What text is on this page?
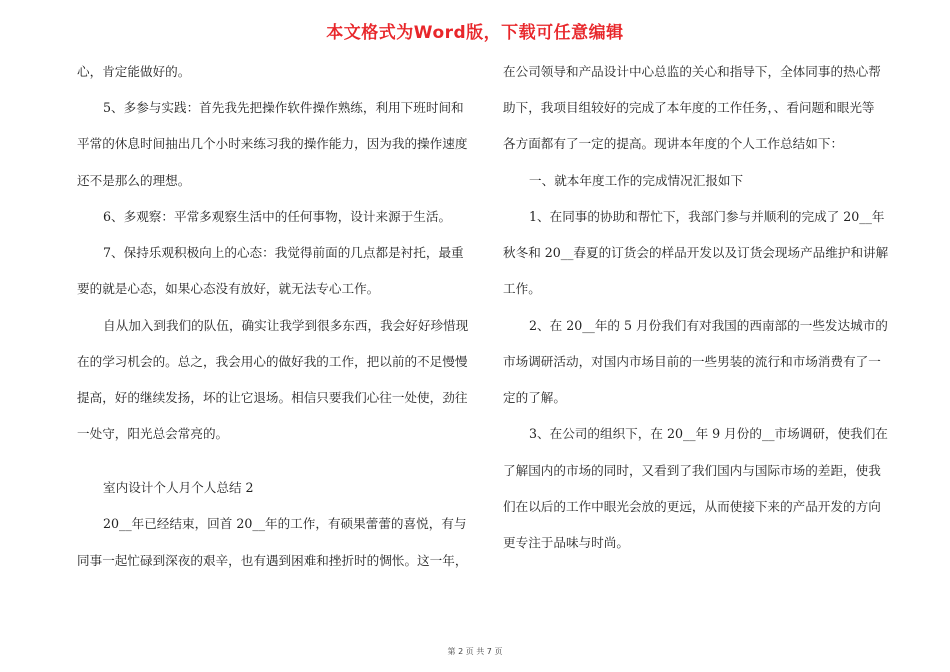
本文格式为Word版，下载可任意编辑
心，肯定能做好的。
5、多参与实践：首先我先把操作软件操作熟练，利用下班时间和
平常的休息时间抽出几个小时来练习我的操作能力，因为我的操作速度
还不是那么的理想。
6、多观察：平常多观察生活中的任何事物，设计来源于生活。
7、保持乐观积极向上的心态：我觉得前面的几点都是衬托，最重
要的就是心态，如果心态没有放好，就无法专心工作。
自从加入到我们的队伍，确实让我学到很多东西，我会好好珍惜现
在的学习机会的。总之，我会用心的做好我的工作，把以前的不足慢慢
提高，好的继续发扬，坏的让它退场。相信只要我们心往一处使，劲往
一处守，阳光总会常亮的。
室内设计个人月个人总结 2
20__年已经结束，回首 20__年的工作，有硕果蕾蕾的喜悦，有与
同事一起忙碌到深夜的艰辛，也有遇到困难和挫折时的惆怅。这一年，
在公司领导和产品设计中心总监的关心和指导下，全体同事的热心帮
助下，我项目组较好的完成了本年度的工作任务，、看问题和眼光等
各方面都有了一定的提高。现讲本年度的个人工作总结如下：
一、就本年度工作的完成情况汇报如下
1、在同事的协助和帮忙下，我部门参与并顺利的完成了 20__年
秋冬和 20__春夏的订货会的样品开发以及订货会现场产品维护和讲解
工作。
2、在 20__年的 5 月份我们有对我国的西南部的一些发达城市的
市场调研活动，对国内市场目前的一些男装的流行和市场消费有了一
定的了解。
3、在公司的组织下，在 20__年 9 月份的__市场调研，使我们在
了解国内的市场的同时，又看到了我们国内与国际市场的差距，使我
们在以后的工作中眼光会放的更远，从而使接下来的产品开发的方向
更专注于品味与时尚。
第 2 页 共 7 页
